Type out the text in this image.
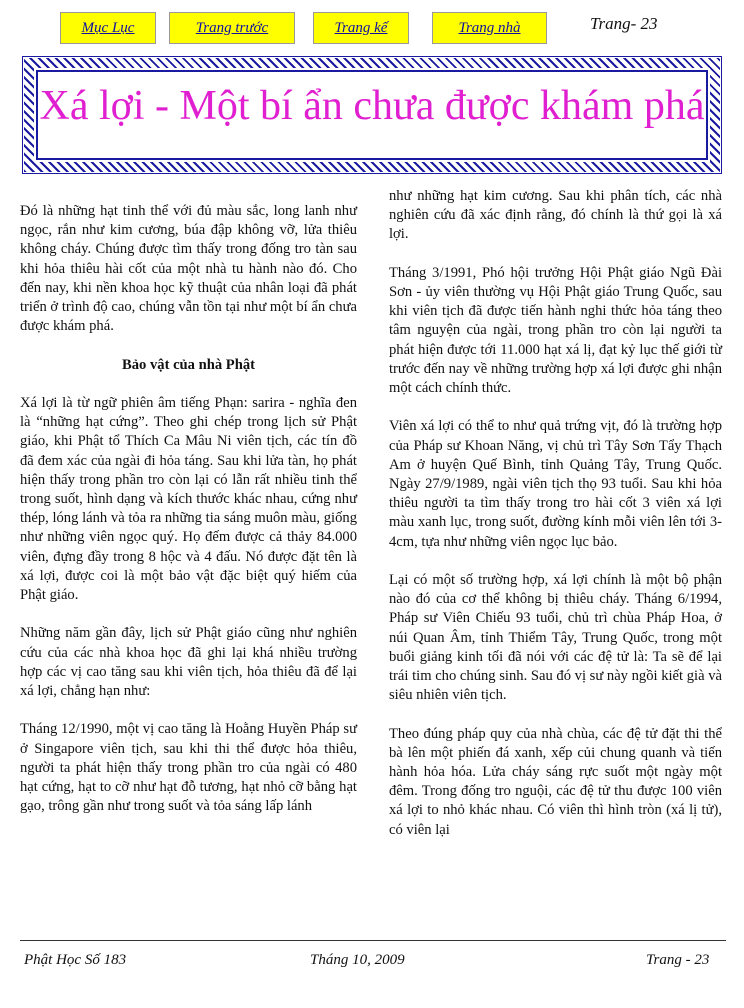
Mục Lục	Trang trước	Trang kế	Trang nhà	Trang- 23
Xá lợi - Một bí ẩn chưa được khám phá

Đó là những hạt tinh thể với đủ màu sắc, long lanh như ngọc, rắn như kim cương, búa đập không vỡ, lửa thiêu không cháy. Chúng được tìm thấy trong đống tro tàn sau khi hỏa thiêu hài cốt của một nhà tu hành nào đó. Cho đến nay, khi nền khoa học kỹ thuật của nhân loại đã phát triển ở trình độ cao, chúng vẫn tồn tại như một bí ẩn chưa được khám phá.

Bảo vật của nhà Phật

Xá lợi là từ ngữ phiên âm tiếng Phạn: sarira - nghĩa đen là “những hạt cứng”. Theo ghi chép trong lịch sử Phật giáo, khi Phật tổ Thích Ca Mâu Ni viên tịch, các tín đồ đã đem xác của ngài đi hỏa táng. Sau khi lửa tàn, họ phát hiện thấy trong phần tro còn lại có lẫn rất nhiều tinh thể trong suốt, hình dạng và kích thước khác nhau, cứng như thép, lóng lánh và tỏa ra những tia sáng muôn màu, giống như những viên ngọc quý. Họ đếm được cả thảy 84.000 viên, đựng đầy trong 8 hộc và 4 đấu. Nó được đặt tên là xá lợi, được coi là một bảo vật đặc biệt quý hiếm của Phật giáo.

Những năm gần đây, lịch sử Phật giáo cũng như nghiên cứu của các nhà khoa học đã ghi lại khá nhiều trường hợp các vị cao tăng sau khi viên tịch, hỏa thiêu đã để lại xá lợi, chẳng hạn như:

Tháng 12/1990, một vị cao tăng là Hoằng Huyền Pháp sư ở Singapore viên tịch, sau khi thi thể được hỏa thiêu, người ta phát hiện thấy trong phần tro của ngài có 480 hạt cứng, hạt to cỡ như hạt đỗ tương, hạt nhỏ cỡ bằng hạt gạo, trông gần như trong suốt và tỏa sáng lấp lánh

như những hạt kim cương. Sau khi phân tích, các nhà nghiên cứu đã xác định rằng, đó chính là thứ gọi là xá lợi.

Tháng 3/1991, Phó hội trưởng Hội Phật giáo Ngũ Đài Sơn - ủy viên thường vụ Hội Phật giáo Trung Quốc, sau khi viên tịch đã được tiến hành nghi thức hỏa táng theo tâm nguyện của ngài, trong phần tro còn lại người ta phát hiện được tới 11.000 hạt xá lị, đạt kỷ lục thế giới từ trước đến nay về những trường hợp xá lợi được ghi nhận một cách chính thức.

Viên xá lợi có thể to như quả trứng vịt, đó là trường hợp của Pháp sư Khoan Năng, vị chủ trì Tây Sơn Tẩy Thạch Am ở huyện Quế Bình, tỉnh Quảng Tây, Trung Quốc. Ngày 27/9/1989, ngài viên tịch thọ 93 tuổi. Sau khi hỏa thiêu người ta tìm thấy trong tro hài cốt 3 viên xá lợi màu xanh lục, trong suốt, đường kính mỗi viên lên tới 3-4cm, tựa như những viên ngọc lục bảo.

Lại có một số trường hợp, xá lợi chính là một bộ phận nào đó của cơ thể không bị thiêu cháy. Tháng 6/1994, Pháp sư Viên Chiếu 93 tuổi, chủ trì chùa Pháp Hoa, ở núi Quan Âm, tỉnh Thiểm Tây, Trung Quốc, trong một buổi giảng kinh tối đã nói với các đệ tử là: Ta sẽ để lại trái tim cho chúng sinh. Sau đó vị sư này ngồi kiết già và siêu nhiên viên tịch.

Theo đúng pháp quy của nhà chùa, các đệ tử đặt thi thể bà lên một phiến đá xanh, xếp củi chung quanh và tiến hành hỏa hóa. Lửa cháy sáng rực suốt một ngày một đêm. Trong đống tro nguội, các đệ tử thu được 100 viên xá lợi to nhỏ khác nhau. Có viên thì hình tròn (xá lị tử), có viên lại

Phật Học Số 183	Tháng 10, 2009	Trang - 23
